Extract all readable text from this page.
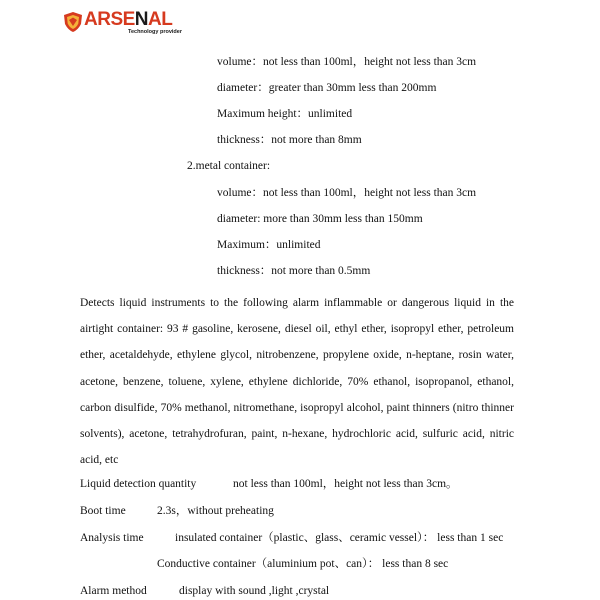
ARSENAL
Technology provider
volume：not less than 100ml，height not less than 3cm
diameter：greater than 30mm less than 200mm
Maximum height：unlimited
thickness：not more than 8mm
2.metal container:
volume：not less than 100ml，height not less than 3cm
diameter: more than 30mm less than 150mm
Maximum：unlimited
thickness：not more than 0.5mm
Detects liquid instruments to the following alarm inflammable or dangerous liquid in the airtight container: 93 # gasoline, kerosene, diesel oil, ethyl ether, isopropyl ether, petroleum ether, acetaldehyde, ethylene glycol, nitrobenzene, propylene oxide, n-heptane, rosin water, acetone, benzene, toluene, xylene, ethylene dichloride, 70% ethanol, isopropanol, ethanol, carbon disulfide, 70% methanol, nitromethane, isopropyl alcohol, paint thinners (nitro thinner solvents), acetone, tetrahydrofuran, paint, n-hexane, hydrochloric acid, sulfuric acid, nitric acid, etc
Liquid detection quantity	not less than 100ml，height not less than 3cm。
Boot time	2.3s，without preheating
Analysis time	insulated container（plastic、glass、ceramic vessel）： less than 1 sec
Conductive container（aluminium pot、can）： less than 8 sec
Alarm method	display with sound ,light ,crystal
